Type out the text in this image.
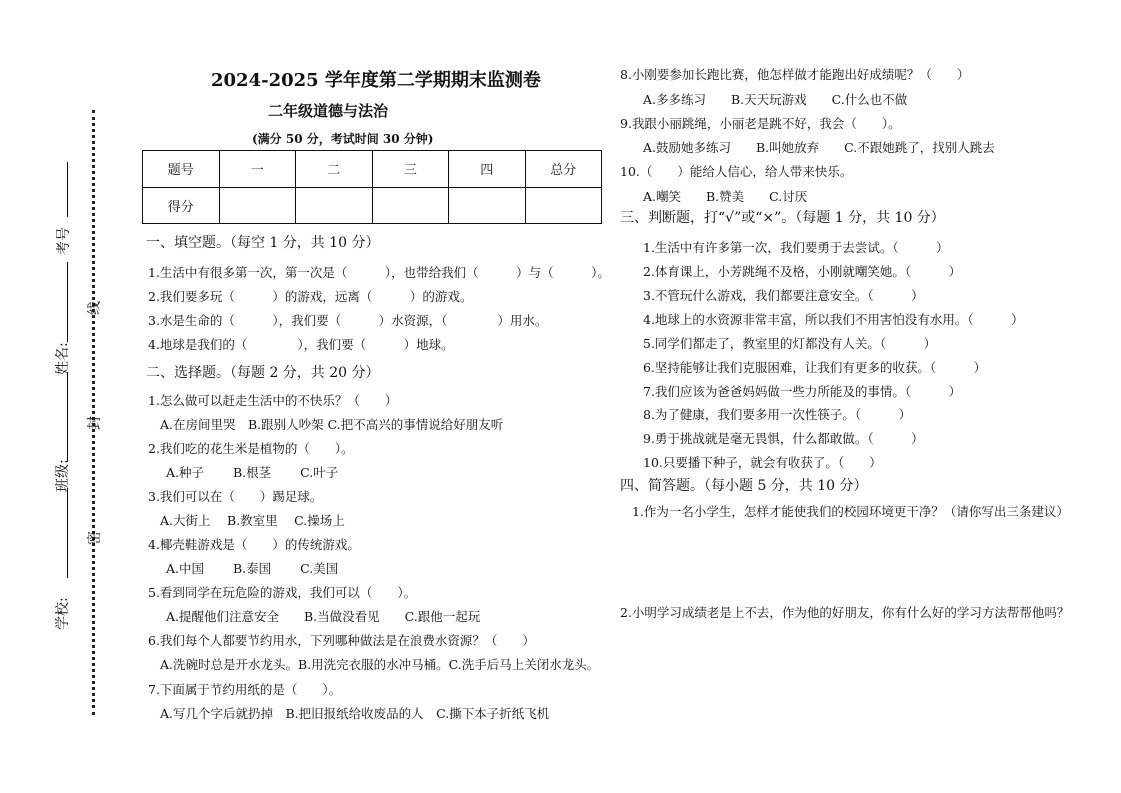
考号
姓名:
班级:
学校:
线
封
密
2024-2025 学年度第二学期期末监测卷
二年级道德与法治
(满分 50 分，考试时间 30 分钟)
题号	一	二	三	四	总分
得分					
一、填空题。（每空 1 分，共 10 分）
1.生活中有很多第一次，第一次是（　　　），也带给我们（　　　）与（　　　）。
2.我们要多玩（　　　）的游戏，远离（　　　）的游戏。
3.水是生命的（　　　），我们要（　　　）水资源，（　　　　）用水。
4.地球是我们的（　　　　），我们要（　　　）地球。
二、选择题。（每题 2 分，共 20 分）
1.怎么做可以赶走生活中的不快乐？（　　）
A.在房间里哭　B.跟别人吵架 C.把不高兴的事情说给好朋友听
2.我们吃的花生米是植物的（　　）。
A.种子　　 B.根茎　　 C.叶子
3.我们可以在（　　）踢足球。
A.大街上　 B.教室里　 C.操场上
4.椰壳鞋游戏是（　　）的传统游戏。
A.中国　　 B.泰国　　 C.美国
5.看到同学在玩危险的游戏，我们可以（　　）。
A.提醒他们注意安全　　B.当做没看见　　C.跟他一起玩
6.我们每个人都要节约用水，下列哪种做法是在浪费水资源？（　　）
A.洗碗时总是开水龙头。B.用洗完衣服的水冲马桶。C.洗手后马上关闭水龙头。
7.下面属于节约用纸的是（　　）。
A.写几个字后就扔掉　B.把旧报纸给收废品的人　C.撕下本子折纸飞机
8.小刚要参加长跑比赛，他怎样做才能跑出好成绩呢？（　　）
A.多多练习　　B.天天玩游戏　　C.什么也不做
9.我跟小丽跳绳，小丽老是跳不好，我会（　　）。
A.鼓励她多练习　　B.叫她放弃　　C.不跟她跳了，找别人跳去
10.（　　）能给人信心，给人带来快乐。
A.嘲笑　　B.赞美　　C.讨厌
三、判断题，打“√”或“×”。（每题 1 分，共 10 分）
1.生活中有许多第一次，我们要勇于去尝试。（　　　）
2.体育课上，小芳跳绳不及格，小刚就嘲笑她。（　　　）
3.不管玩什么游戏，我们都要注意安全。（　　　）
4.地球上的水资源非常丰富，所以我们不用害怕没有水用。（　　　）
5.同学们都走了，教室里的灯都没有人关。（　　　）
6.坚持能够让我们克服困难，让我们有更多的收获。（　　　）
7.我们应该为爸爸妈妈做一些力所能及的事情。（　　　）
8.为了健康，我们要多用一次性筷子。（　　　）
9.勇于挑战就是毫无畏惧，什么都敢做。（　　　）
10.只要播下种子，就会有收获了。（　　）
四、简答题。（每小题 5 分，共 10 分）
1.作为一名小学生，怎样才能使我们的校园环境更干净？（请你写出三条建议）
2.小明学习成绩老是上不去，作为他的好朋友，你有什么好的学习方法帮帮他吗？
